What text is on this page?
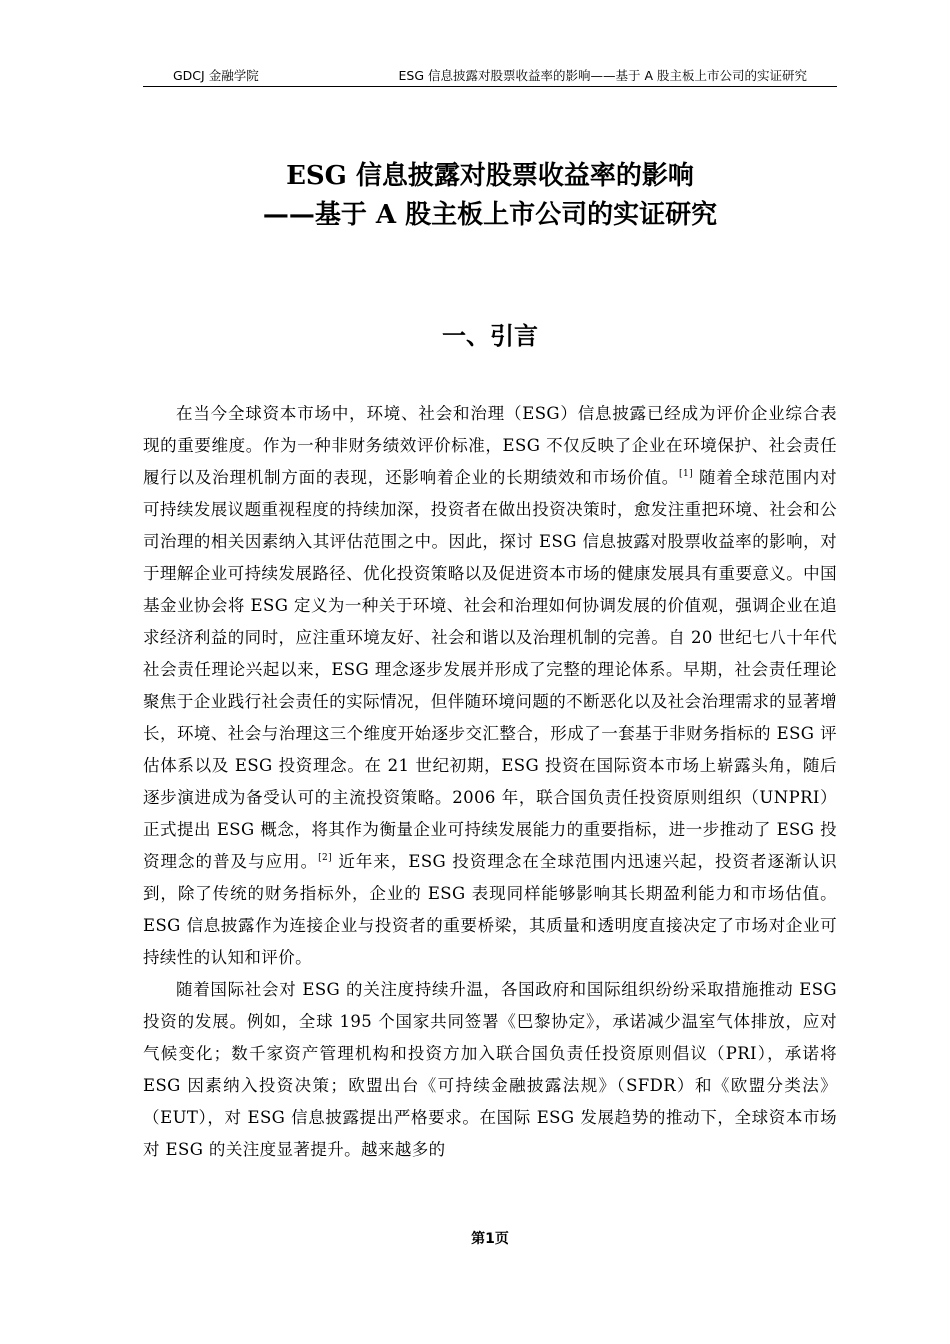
GDCJ 金融学院	ESG 信息披露对股票收益率的影响——基于 A 股主板上市公司的实证研究
ESG 信息披露对股票收益率的影响
——基于 A 股主板上市公司的实证研究
一、引言

在当今全球资本市场中，环境、社会和治理（ESG）信息披露已经成为评价企业综合表现的重要维度。作为一种非财务绩效评价标准，ESG 不仅反映了企业在环境保护、社会责任履行以及治理机制方面的表现，还影响着企业的长期绩效和市场价值。[1] 随着全球范围内对可持续发展议题重视程度的持续加深，投资者在做出投资决策时，愈发注重把环境、社会和公司治理的相关因素纳入其评估范围之中。因此，探讨 ESG 信息披露对股票收益率的影响，对于理解企业可持续发展路径、优化投资策略以及促进资本市场的健康发展具有重要意义。中国基金业协会将 ESG 定义为一种关于环境、社会和治理如何协调发展的价值观，强调企业在追求经济利益的同时，应注重环境友好、社会和谐以及治理机制的完善。自 20 世纪七八十年代社会责任理论兴起以来，ESG 理念逐步发展并形成了完整的理论体系。早期，社会责任理论聚焦于企业践行社会责任的实际情况，但伴随环境问题的不断恶化以及社会治理需求的显著增长，环境、社会与治理这三个维度开始逐步交汇整合，形成了一套基于非财务指标的 ESG 评估体系以及 ESG 投资理念。在 21 世纪初期，ESG 投资在国际资本市场上崭露头角，随后逐步演进成为备受认可的主流投资策略。2006 年，联合国负责任投资原则组织（UNPRI）正式提出 ESG 概念，将其作为衡量企业可持续发展能力的重要指标，进一步推动了 ESG 投资理念的普及与应用。[2] 近年来，ESG 投资理念在全球范围内迅速兴起，投资者逐渐认识到，除了传统的财务指标外，企业的 ESG 表现同样能够影响其长期盈利能力和市场估值。ESG 信息披露作为连接企业与投资者的重要桥梁，其质量和透明度直接决定了市场对企业可持续性的认知和评价。

随着国际社会对 ESG 的关注度持续升温，各国政府和国际组织纷纷采取措施推动 ESG 投资的发展。例如，全球 195 个国家共同签署《巴黎协定》，承诺减少温室气体排放，应对气候变化；数千家资产管理机构和投资方加入联合国负责任投资原则倡议（PRI），承诺将 ESG 因素纳入投资决策；欧盟出台《可持续金融披露法规》（SFDR）和《欧盟分类法》（EUT），对 ESG 信息披露提出严格要求。在国际 ESG 发展趋势的推动下，全球资本市场对 ESG 的关注度显著提升。越来越多的

第1页
